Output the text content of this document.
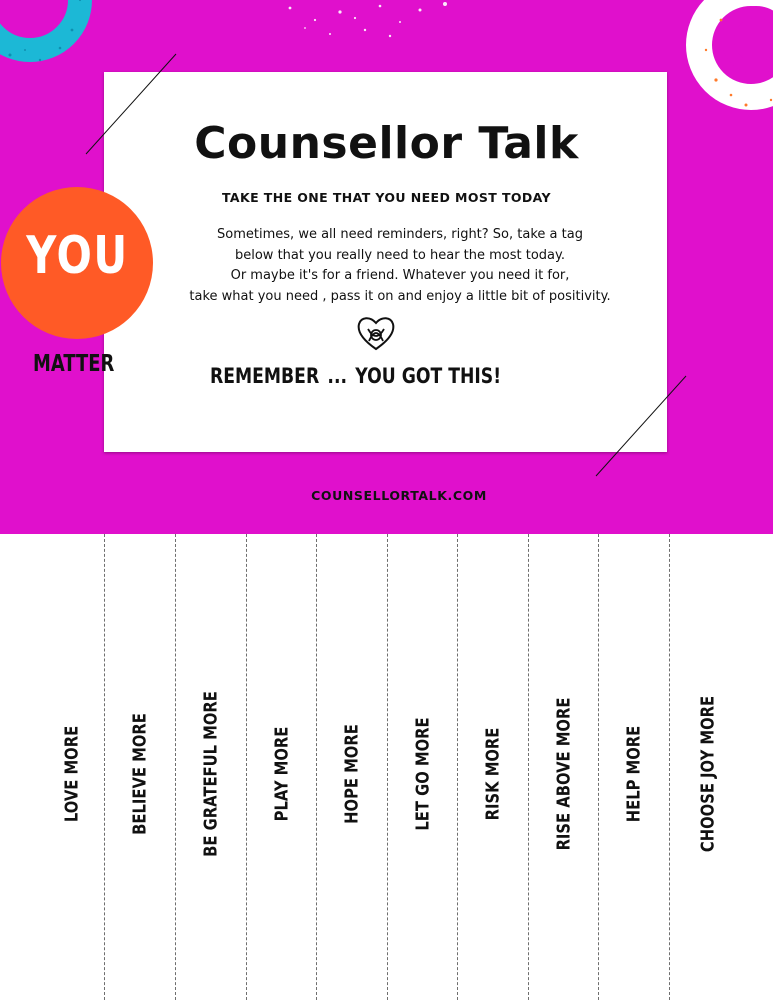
Counsellor Talk
TAKE THE ONE THAT YOU NEED MOST TODAY
Sometimes, we all need reminders, right? So, take a tag
below that you really need to hear the most today.
Or maybe it's for a friend. Whatever you need it for,
take what you need , pass it on and enjoy a little bit of positivity.
REMEMBER ... YOU GOT THIS!
YOU
MATTER
COUNSELLORTALK.COM
LOVE MORE	BELIEVE MORE	BE GRATEFUL MORE	PLAY MORE	HOPE MORE	LET GO MORE	RISK MORE	RISE ABOVE MORE	HELP MORE	CHOOSE JOY MORE
